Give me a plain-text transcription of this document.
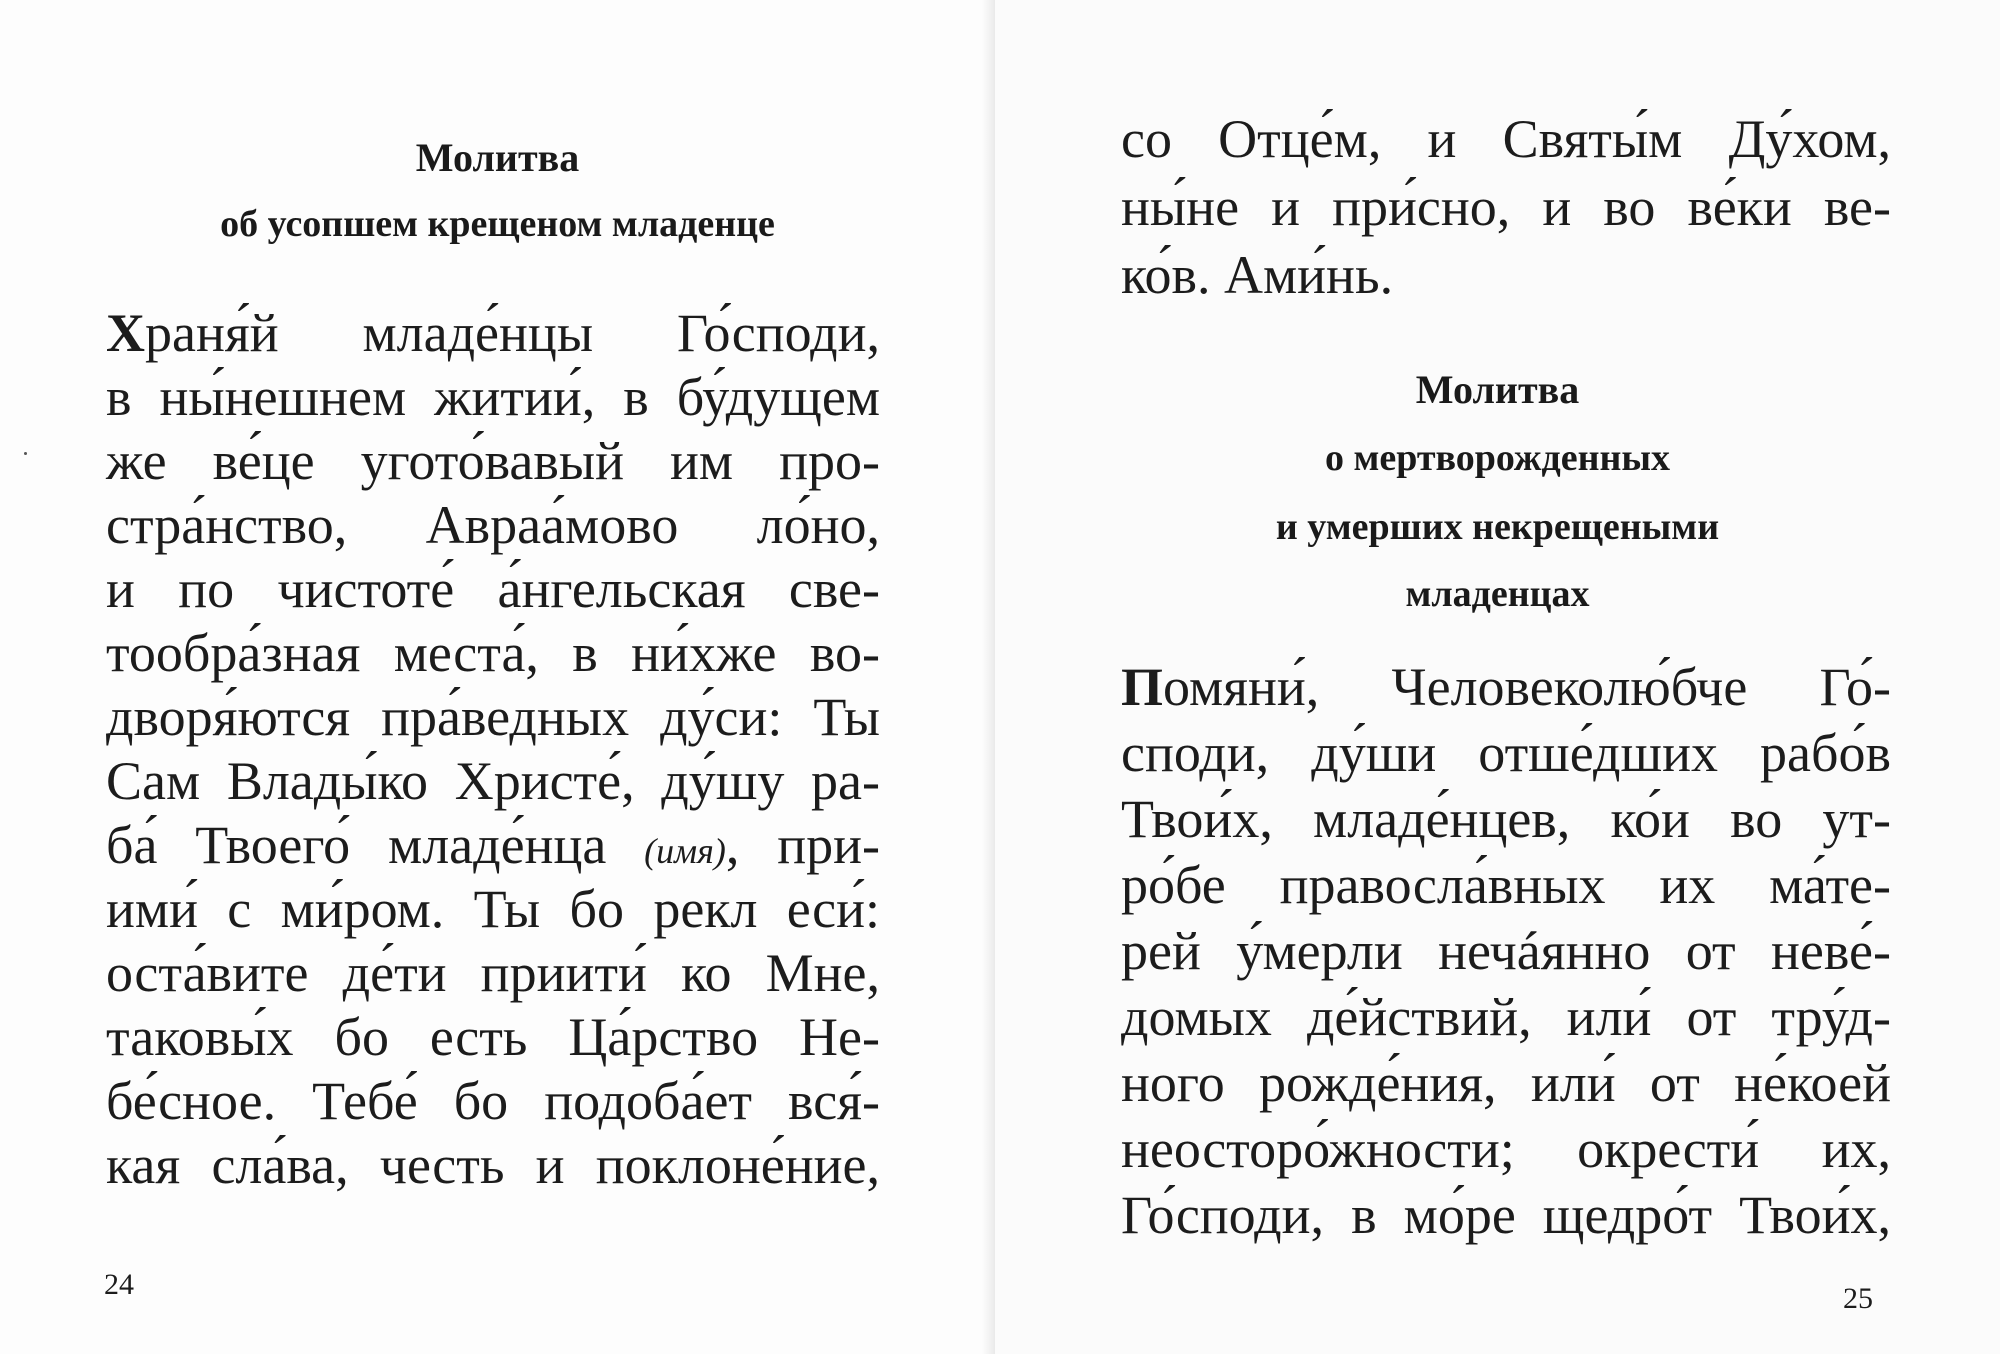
Молитва
об усопшем крещеном младенце
Храня́й младе́нцы Го́споди,
в ны́нешнем житии́, в бу́дущем
же ве́це угото́вавый им про-
стра́нство, Авраа́мово ло́но,
и по чистоте́ а́нгельская све-
тообра́зная места́, в ни́хже во-
дворя́ются пра́ведных ду́си: Ты
Сам Влады́ко Христе́, ду́шу ра-
ба́ Твоего́ младе́нца (имя), при-
ими́ с ми́ром. Ты бо рекл еси́:
оста́вите де́ти приити́ ко Мне,
таковы́х бо есть Ца́рство Не-
бе́сное. Тебе́ бо подоба́ет вся́-
кая сла́ва, честь и поклоне́ние,
24
со Отце́м, и Святы́м Ду́хом,
ны́не и при́сно, и во ве́ки ве-
ко́в. Ами́нь.
Молитва
о мертворожденных
и умерших некрещеными
младенцах
Помяни́, Человеколю́бче Го́-
споди, ду́ши отше́дших рабо́в
Твои́х, младе́нцев, ко́и во ут-
ро́бе правосла́вных их ма́те-
рей у́мерли нечáянно от неве́-
домых де́йствий, или́ от тру́д-
ного рожде́ния, или́ от не́коей
неосторо́жности; окрести́ их,
Го́споди, в мо́ре щедро́т Твои́х,
25
